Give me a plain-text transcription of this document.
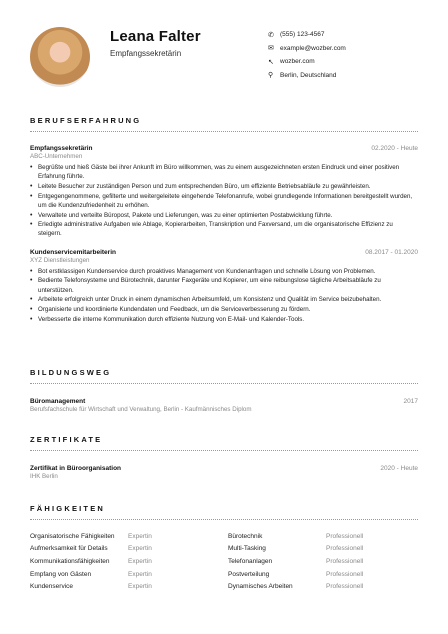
Leana Falter
Empfangssekretärin
✆ (555) 123-4567
✉ example@wozber.com
↖ wozber.com
⚲	Berlin, Deutschland
BERUFSERFAHRUNG
Empfangssekretärin
ABC-Unternehmen
02.2020 - Heute
• Begrüßte und hieß Gäste bei ihrer Ankunft im Büro willkommen, was zu einem ausgezeichneten ersten Eindruck und einer positiven Erfahrung führte.
• Leitete Besucher zur zuständigen Person und zum entsprechenden Büro, um effiziente Betriebsabläufe zu gewährleisten.
• Entgegengenommene, gefilterte und weitergeleitete eingehende Telefonanrufe, wobei grundlegende Informationen bereitgestellt wurden, um die Kundenzufriedenheit zu erhöhen.
• Verwaltete und verteilte Büropost, Pakete und Lieferungen, was zu einer optimierten Postabwicklung führte.
• Erledigte administrative Aufgaben wie Ablage, Kopierarbeiten, Transkription und Faxversand, um die organisatorische Effizienz zu steigern.
Kundenservicemitarbeiterin
XYZ Dienstleistungen
08.2017 - 01.2020
• Bot erstklassigen Kundenservice durch proaktives Management von Kundenanfragen und schnelle Lösung von Problemen.
• Bediente Telefonsysteme und Bürotechnik, darunter Faxgeräte und Kopierer, um eine reibungslose tägliche Arbeitsabläufe zu unterstützen.
• Arbeitete erfolgreich unter Druck in einem dynamischen Arbeitsumfeld, um Konsistenz und Qualität im Service beizubehalten.
• Organisierte und koordinierte Kundendaten und Feedback, um die Serviceverbesserung zu fördern.
• Verbesserte die interne Kommunikation durch effiziente Nutzung von E-Mail- und Kalender-Tools.
BILDUNGSWEG
Büromanagement
Berufsfachschule für Wirtschaft und Verwaltung, Berlin - Kaufmännisches Diplom
2017
ZERTIFIKATE
Zertifikat in Büroorganisation
IHK Berlin
2020 - Heute
FÄHIGKEITEN
Organisatorische Fähigkeiten
Aufmerksamkeit für Details
Kommunikationsfähigkeiten
Empfang von Gästen
Kundenservice
Expertin
Expertin
Expertin
Expertin
Expertin
Bürotechnik
Multi-Tasking
Telefonanlagen
Postverteilung
Dynamisches Arbeiten
Professionell
Professionell
Professionell
Professionell
Professionell
